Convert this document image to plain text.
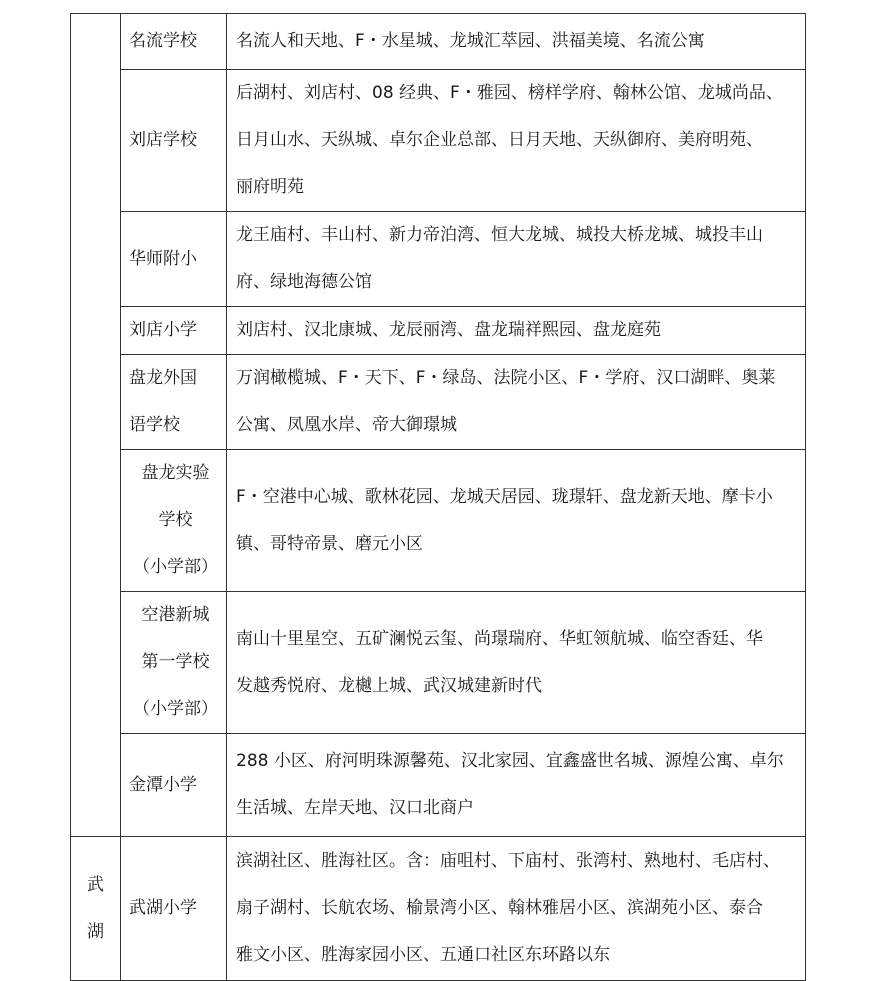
	名流学校	名流人和天地、F・水星城、龙城汇萃园、洪福美境、名流公寓

	刘店学校	后湖村、刘店村、08 经典、F・雅园、榜样学府、翰林公馆、龙城尚品、
日月山水、天纵城、卓尔企业总部、日月天地、天纵御府、美府明苑、
丽府明苑

	华师附小	龙王庙村、丰山村、新力帝泊湾、恒大龙城、城投大桥龙城、城投丰山
府、绿地海德公馆

	刘店小学	刘店村、汉北康城、龙辰丽湾、盘龙瑞祥熙园、盘龙庭苑

	盘龙外国
语学校	万润橄榄城、F・天下、F・绿岛、法院小区、F・学府、汉口湖畔、奥莱
公寓、凤凰水岸、帝大御璟城

	盘龙实验
学校
（小学部）	F・空港中心城、歌林花园、龙城天居园、珑璟轩、盘龙新天地、摩卡小
镇、哥特帝景、磨元小区

	空港新城
第一学校
（小学部）	南山十里星空、五矿澜悦云玺、尚璟瑞府、华虹领航城、临空香廷、华
发越秀悦府、龙樾上城、武汉城建新时代

	金潭小学	288 小区、府河明珠源馨苑、汉北家园、宜鑫盛世名城、源煌公寓、卓尔
生活城、左岸天地、汉口北商户

武
湖	武湖小学	滨湖社区、胜海社区。含：庙咀村、下庙村、张湾村、熟地村、毛店村、
扇子湖村、长航农场、榆景湾小区、翰林雅居小区、滨湖苑小区、泰合
雅文小区、胜海家园小区、五通口社区东环路以东
